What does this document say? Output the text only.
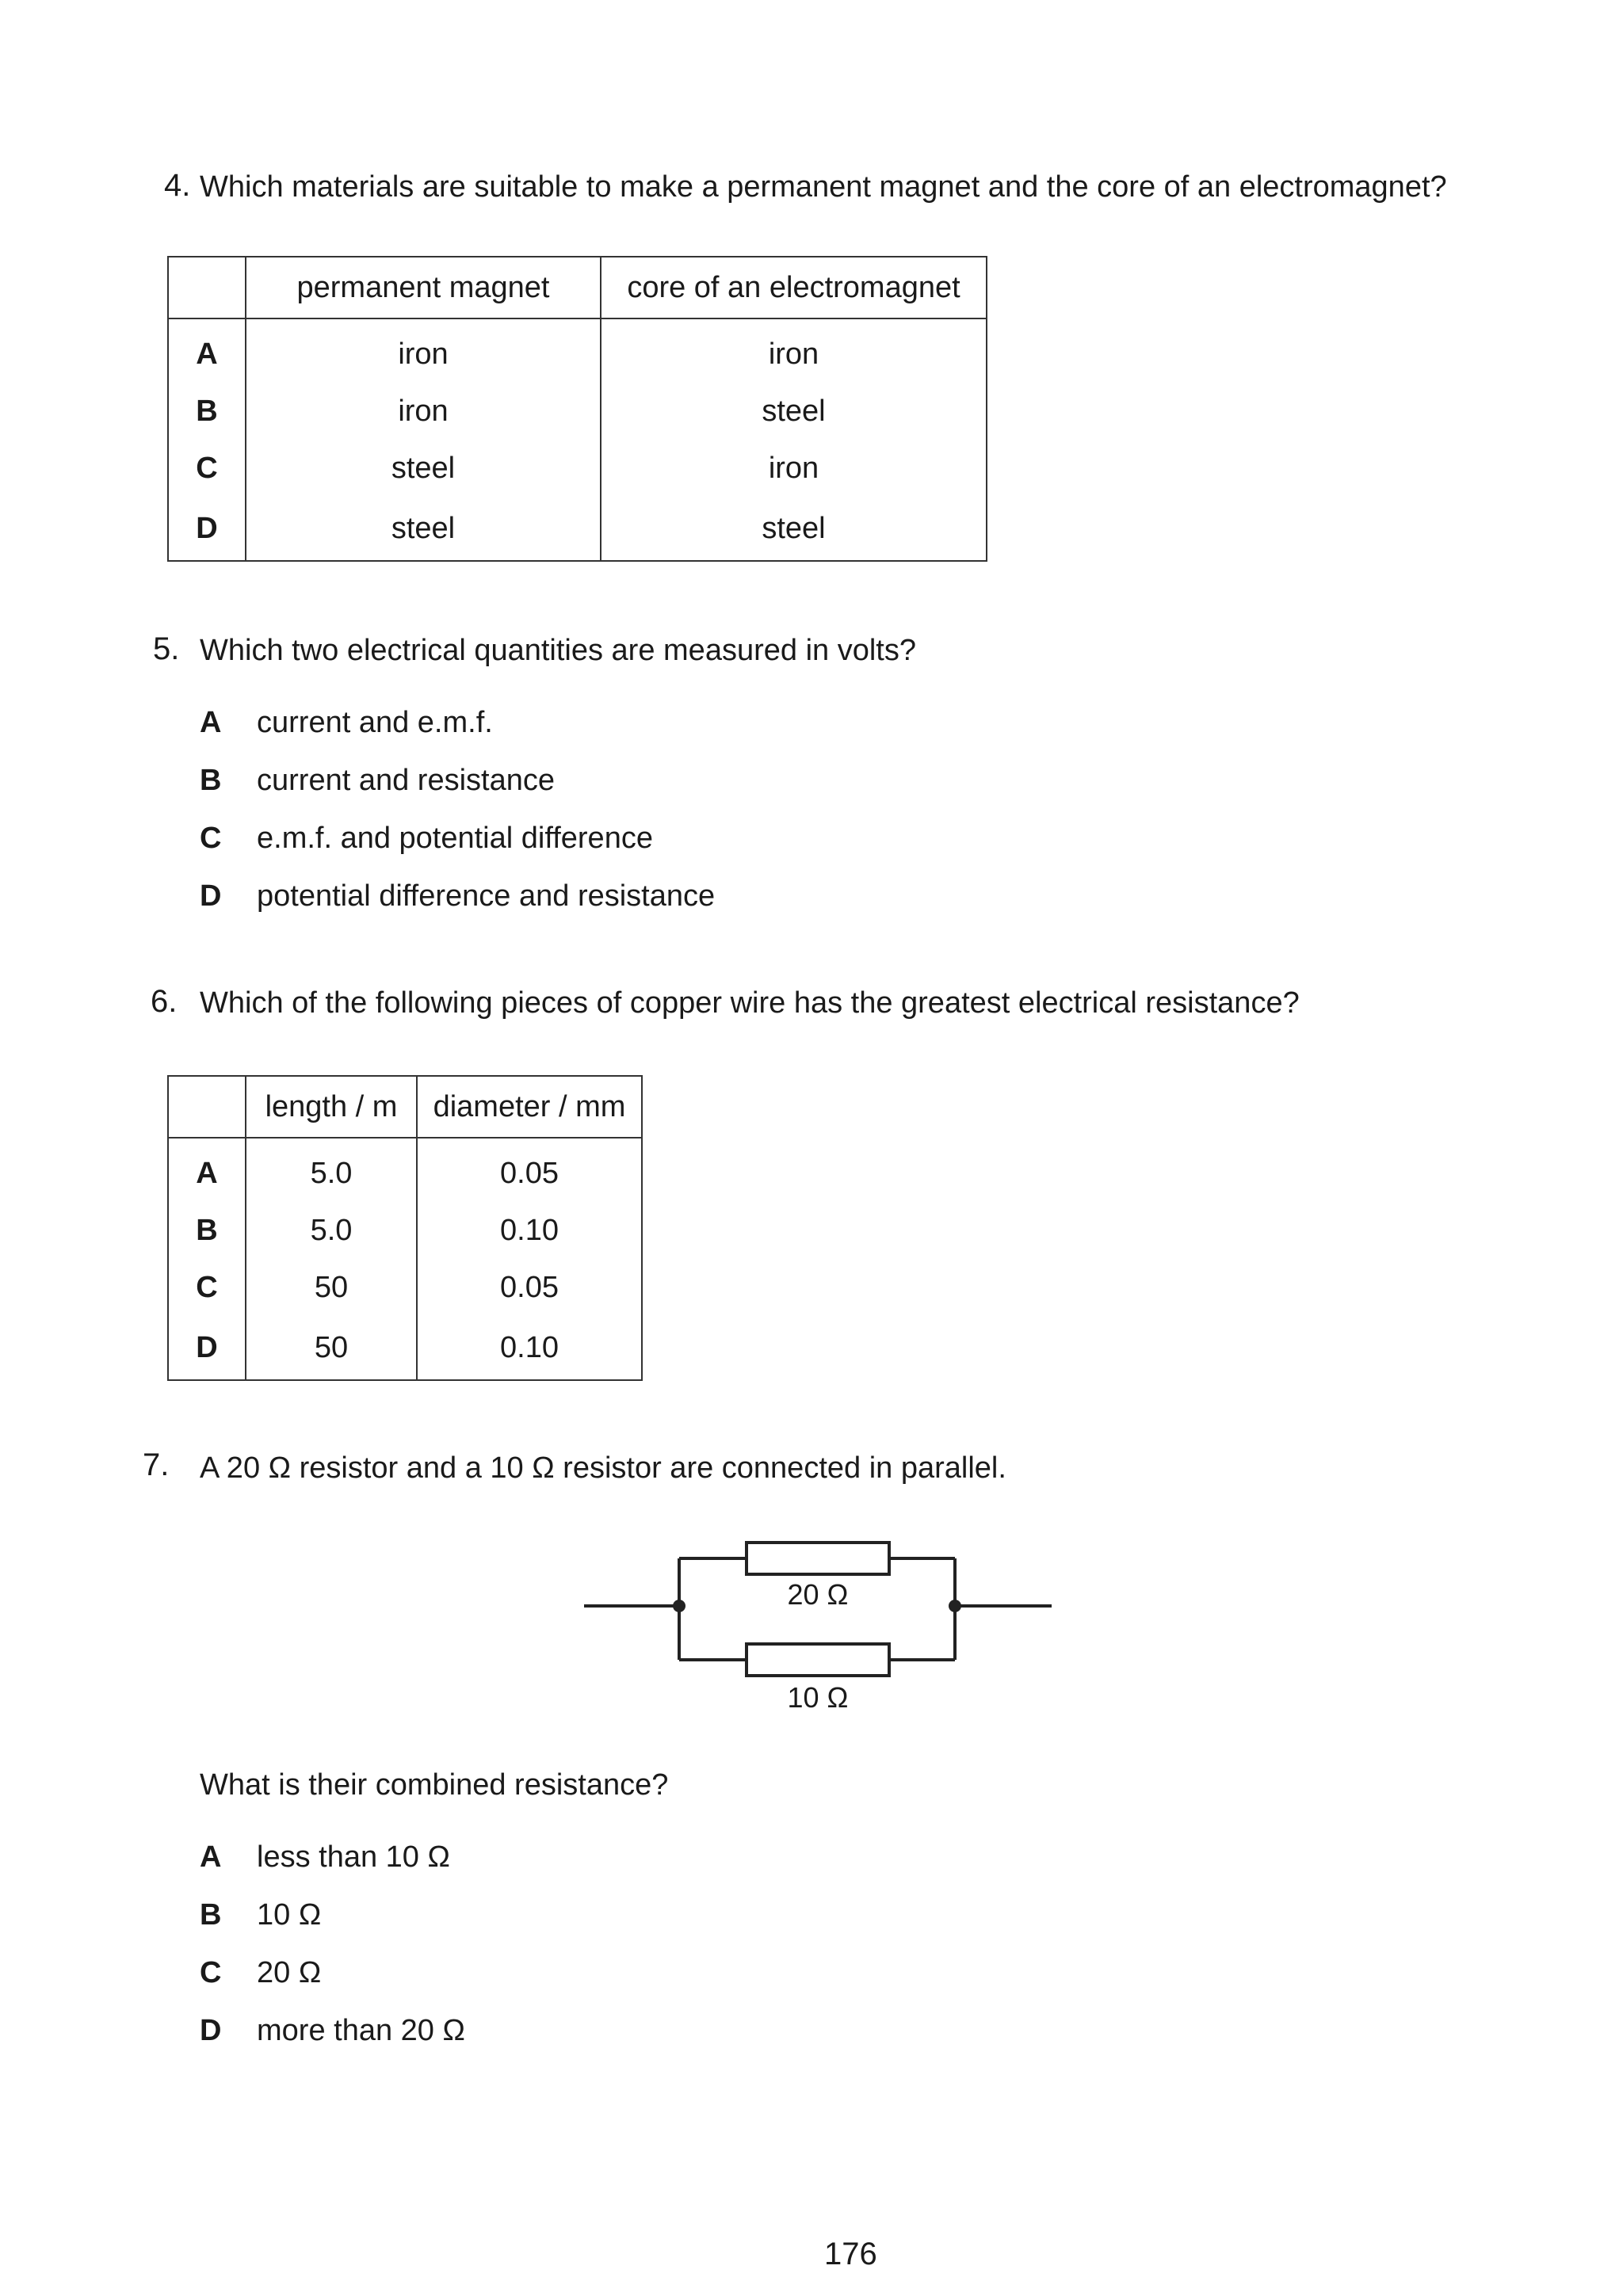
4. Which materials are suitable to make a permanent magnet and the core of an electromagnet?
	permanent magnet	core of an electromagnet
A	iron	iron
B	iron	steel
C	steel	iron
D	steel	steel
5. Which two electrical quantities are measured in volts?
A current and e.m.f.
B current and resistance
C e.m.f. and potential difference
D potential difference and resistance
6. Which of the following pieces of copper wire has the greatest electrical resistance?
	length / m	diameter / mm
A	5.0	0.05
B	5.0	0.10
C	50	0.05
D	50	0.10
7. A 20 Ω resistor and a 10 Ω resistor are connected in parallel.
20 Ω
10 Ω
What is their combined resistance?
A less than 10 Ω
B 10 Ω
C 20 Ω
D more than 20 Ω
176
